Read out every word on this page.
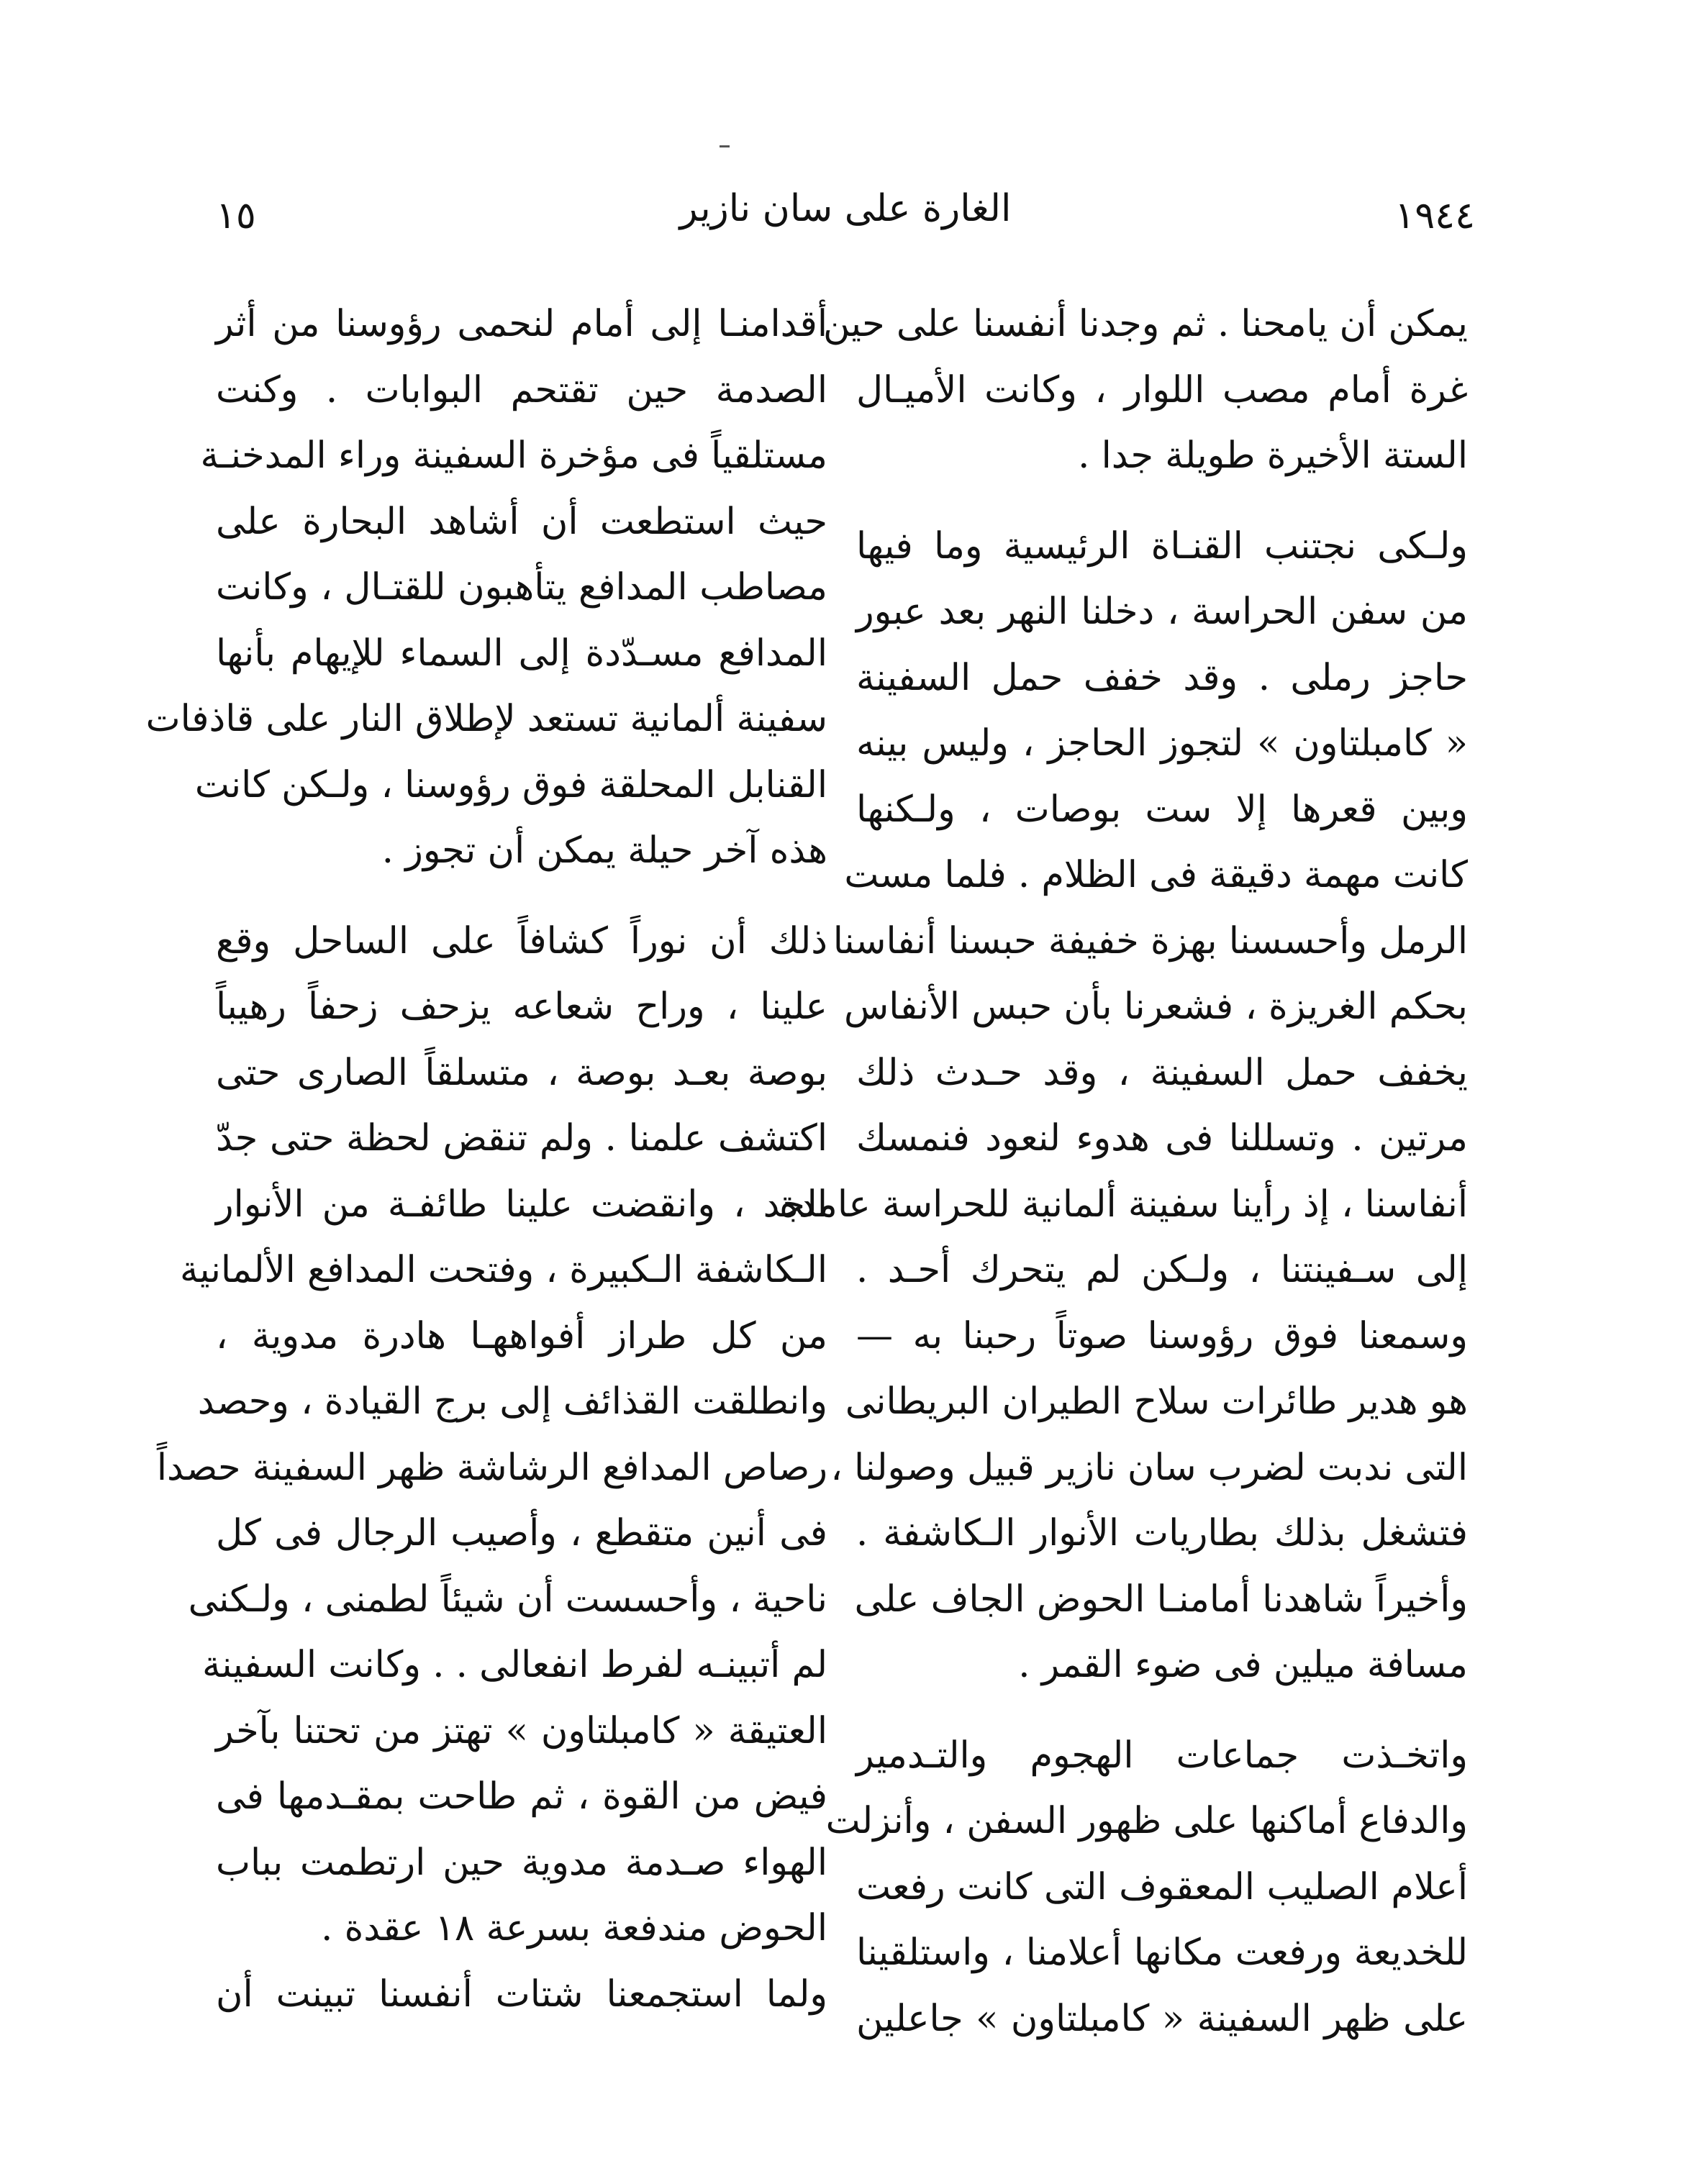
١٥	الغارة على سان نازير	١٩٤٤
يمكن أن يامحنا . ثم وجدنا أنفسنا على حين
غرة أمام مصب اللوار ، وكانت الأميـال
الستة الأخيرة طويلة جدا .
ولـكى نجتنب القنـاة الرئيسية وما فيها
من سفن الحراسة ، دخلنا النهر بعد عبور
حاجز رملى . وقد خفف حمل السفينة
« كامبلتاون » لتجوز الحاجز ، وليس بينه
وبين قعرها إلا ست بوصات ، ولـكنها
كانت مهمة دقيقة فى الظلام . فلما مست
الرمل وأحسسنا بهزة خفيفة حبسنا أنفاسنا
بحكم الغريزة ، فشعرنا بأن حبس الأنفاس
يخفف حمل السفينة ، وقد حـدث ذلك
مرتين . وتسللنا فى هدوء لنعود فنمسك
أنفاسنا ، إذ رأينا سفينة ألمانية للحراسة عامدة
إلى سـفينتنا ، ولـكن لم يتحرك أحـد .
وسمعنا فوق رؤوسنا صوتاً رحبنا به —
هو هدير طائرات سلاح الطيران البريطانى
التى ندبت لضرب سان نازير قبيل وصولنا ،
فتشغل بذلك بطاريات الأنوار الـكاشفة .
وأخيراً شاهدنا أمامنـا الحوض الجاف على
مسافة ميلين فى ضوء القمر .
واتخـذت جماعات الهجوم والتـدمير
والدفاع أماكنها على ظهور السفن ، وأنزلت
أعلام الصليب المعقوف التى كانت رفعت
للخديعة ورفعت مكانها أعلامنا ، واستلقينا
على ظهر السفينة « كامبلتاون » جاعلين
أقدامنـا إلى أمام لنحمى رؤوسنا من أثر
الصدمة حين تقتحم البوابات . وكنت
مستلقياً فى مؤخرة السفينة وراء المدخنـة
حيث استطعت أن أشاهد البحارة على
مصاطب المدافع يتأهبون للقتـال ، وكانت
المدافع مسـدّدة إلى السماء للإيهام بأنها
سفينة ألمانية تستعد لإطلاق النار على قاذفات
القنابل المحلقة فوق رؤوسنا ، ولـكن كانت
هذه آخر حيلة يمكن أن تجوز .
ذلك أن نوراً كشافاً على الساحل وقع
علينا ، وراح شعاعه يزحف زحفاً رهيباً
بوصة بعـد بوصة ، متسلقاً الصارى حتى
اكتشف علمنا . ولم تنقض لحظة حتى جدّ
الجد ، وانقضت علينا طائفـة من الأنوار
الـكاشفة الـكبيرة ، وفتحت المدافع الألمانية
من كل طراز أفواههـا هادرة مدوية ،
وانطلقت القذائف إلى برج القيادة ، وحصد
رصاص المدافع الرشاشة ظهر السفينة حصداً
فى أنين متقطع ، وأصيب الرجال فى كل
ناحية ، وأحسست أن شيئاً لطمنى ، ولـكنى
لم أتبينـه لفرط انفعالى . . وكانت السفينة
العتيقة « كامبلتاون » تهتز من تحتنا بآخر
فيض من القوة ، ثم طاحت بمقـدمها فى
الهواء صـدمة مدوية حين ارتطمت بباب
الحوض مندفعة بسرعة ١٨ عقدة .
ولما استجمعنا شتات أنفسنا تبينت أن
